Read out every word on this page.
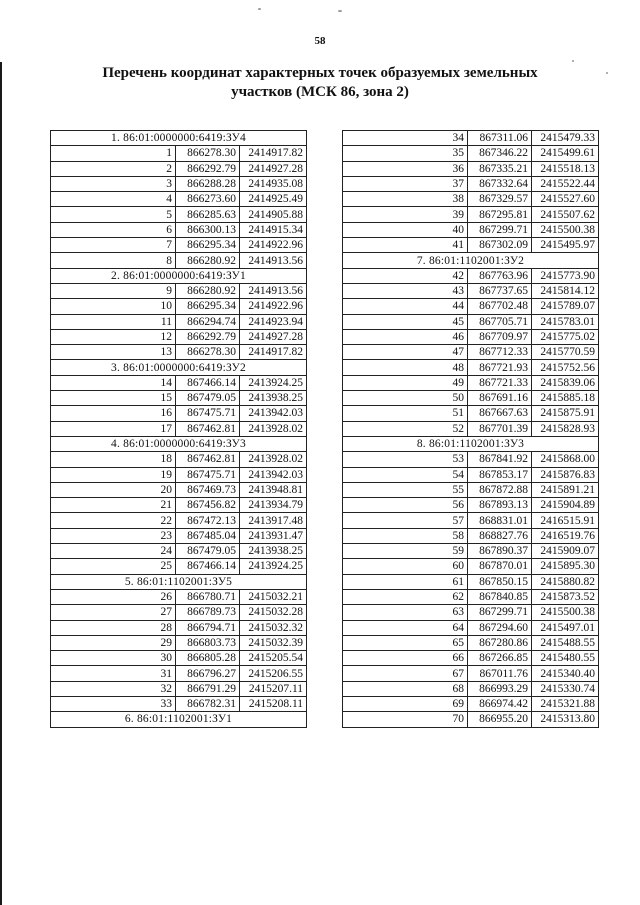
58
Перечень координат характерных точек образуемых земельных
участков (МСК 86, зона 2)
1. 86:01:0000000:6419:ЗУ4		
1	866278.30	2414917.82
2	866292.79	2414927.28
3	866288.28	2414935.08
4	866273.60	2414925.49
5	866285.63	2414905.88
6	866300.13	2414915.34
7	866295.34	2414922.96
8	866280.92	2414913.56
2. 86:01:0000000:6419:ЗУ1		
9	866280.92	2414913.56
10	866295.34	2414922.96
11	866294.74	2414923.94
12	866292.79	2414927.28
13	866278.30	2414917.82
3. 86:01:0000000:6419:ЗУ2		
14	867466.14	2413924.25
15	867479.05	2413938.25
16	867475.71	2413942.03
17	867462.81	2413928.02
4. 86:01:0000000:6419:ЗУ3		
18	867462.81	2413928.02
19	867475.71	2413942.03
20	867469.73	2413948.81
21	867456.82	2413934.79
22	867472.13	2413917.48
23	867485.04	2413931.47
24	867479.05	2413938.25
25	867466.14	2413924.25
5. 86:01:1102001:ЗУ5		
26	866780.71	2415032.21
27	866789.73	2415032.28
28	866794.71	2415032.32
29	866803.73	2415032.39
30	866805.28	2415205.54
31	866796.27	2415206.55
32	866791.29	2415207.11
33	866782.31	2415208.11
6. 86:01:1102001:ЗУ1		
34	867311.06	2415479.33
35	867346.22	2415499.61
36	867335.21	2415518.13
37	867332.64	2415522.44
38	867329.57	2415527.60
39	867295.81	2415507.62
40	867299.71	2415500.38
41	867302.09	2415495.97
7. 86:01:1102001:ЗУ2		
42	867763.96	2415773.90
43	867737.65	2415814.12
44	867702.48	2415789.07
45	867705.71	2415783.01
46	867709.97	2415775.02
47	867712.33	2415770.59
48	867721.93	2415752.56
49	867721.33	2415839.06
50	867691.16	2415885.18
51	867667.63	2415875.91
52	867701.39	2415828.93
8. 86:01:1102001:ЗУ3		
53	867841.92	2415868.00
54	867853.17	2415876.83
55	867872.88	2415891.21
56	867893.13	2415904.89
57	868831.01	2416515.91
58	868827.76	2416519.76
59	867890.37	2415909.07
60	867870.01	2415895.30
61	867850.15	2415880.82
62	867840.85	2415873.52
63	867299.71	2415500.38
64	867294.60	2415497.01
65	867280.86	2415488.55
66	867266.85	2415480.55
67	867011.76	2415340.40
68	866993.29	2415330.74
69	866974.42	2415321.88
70	866955.20	2415313.80
